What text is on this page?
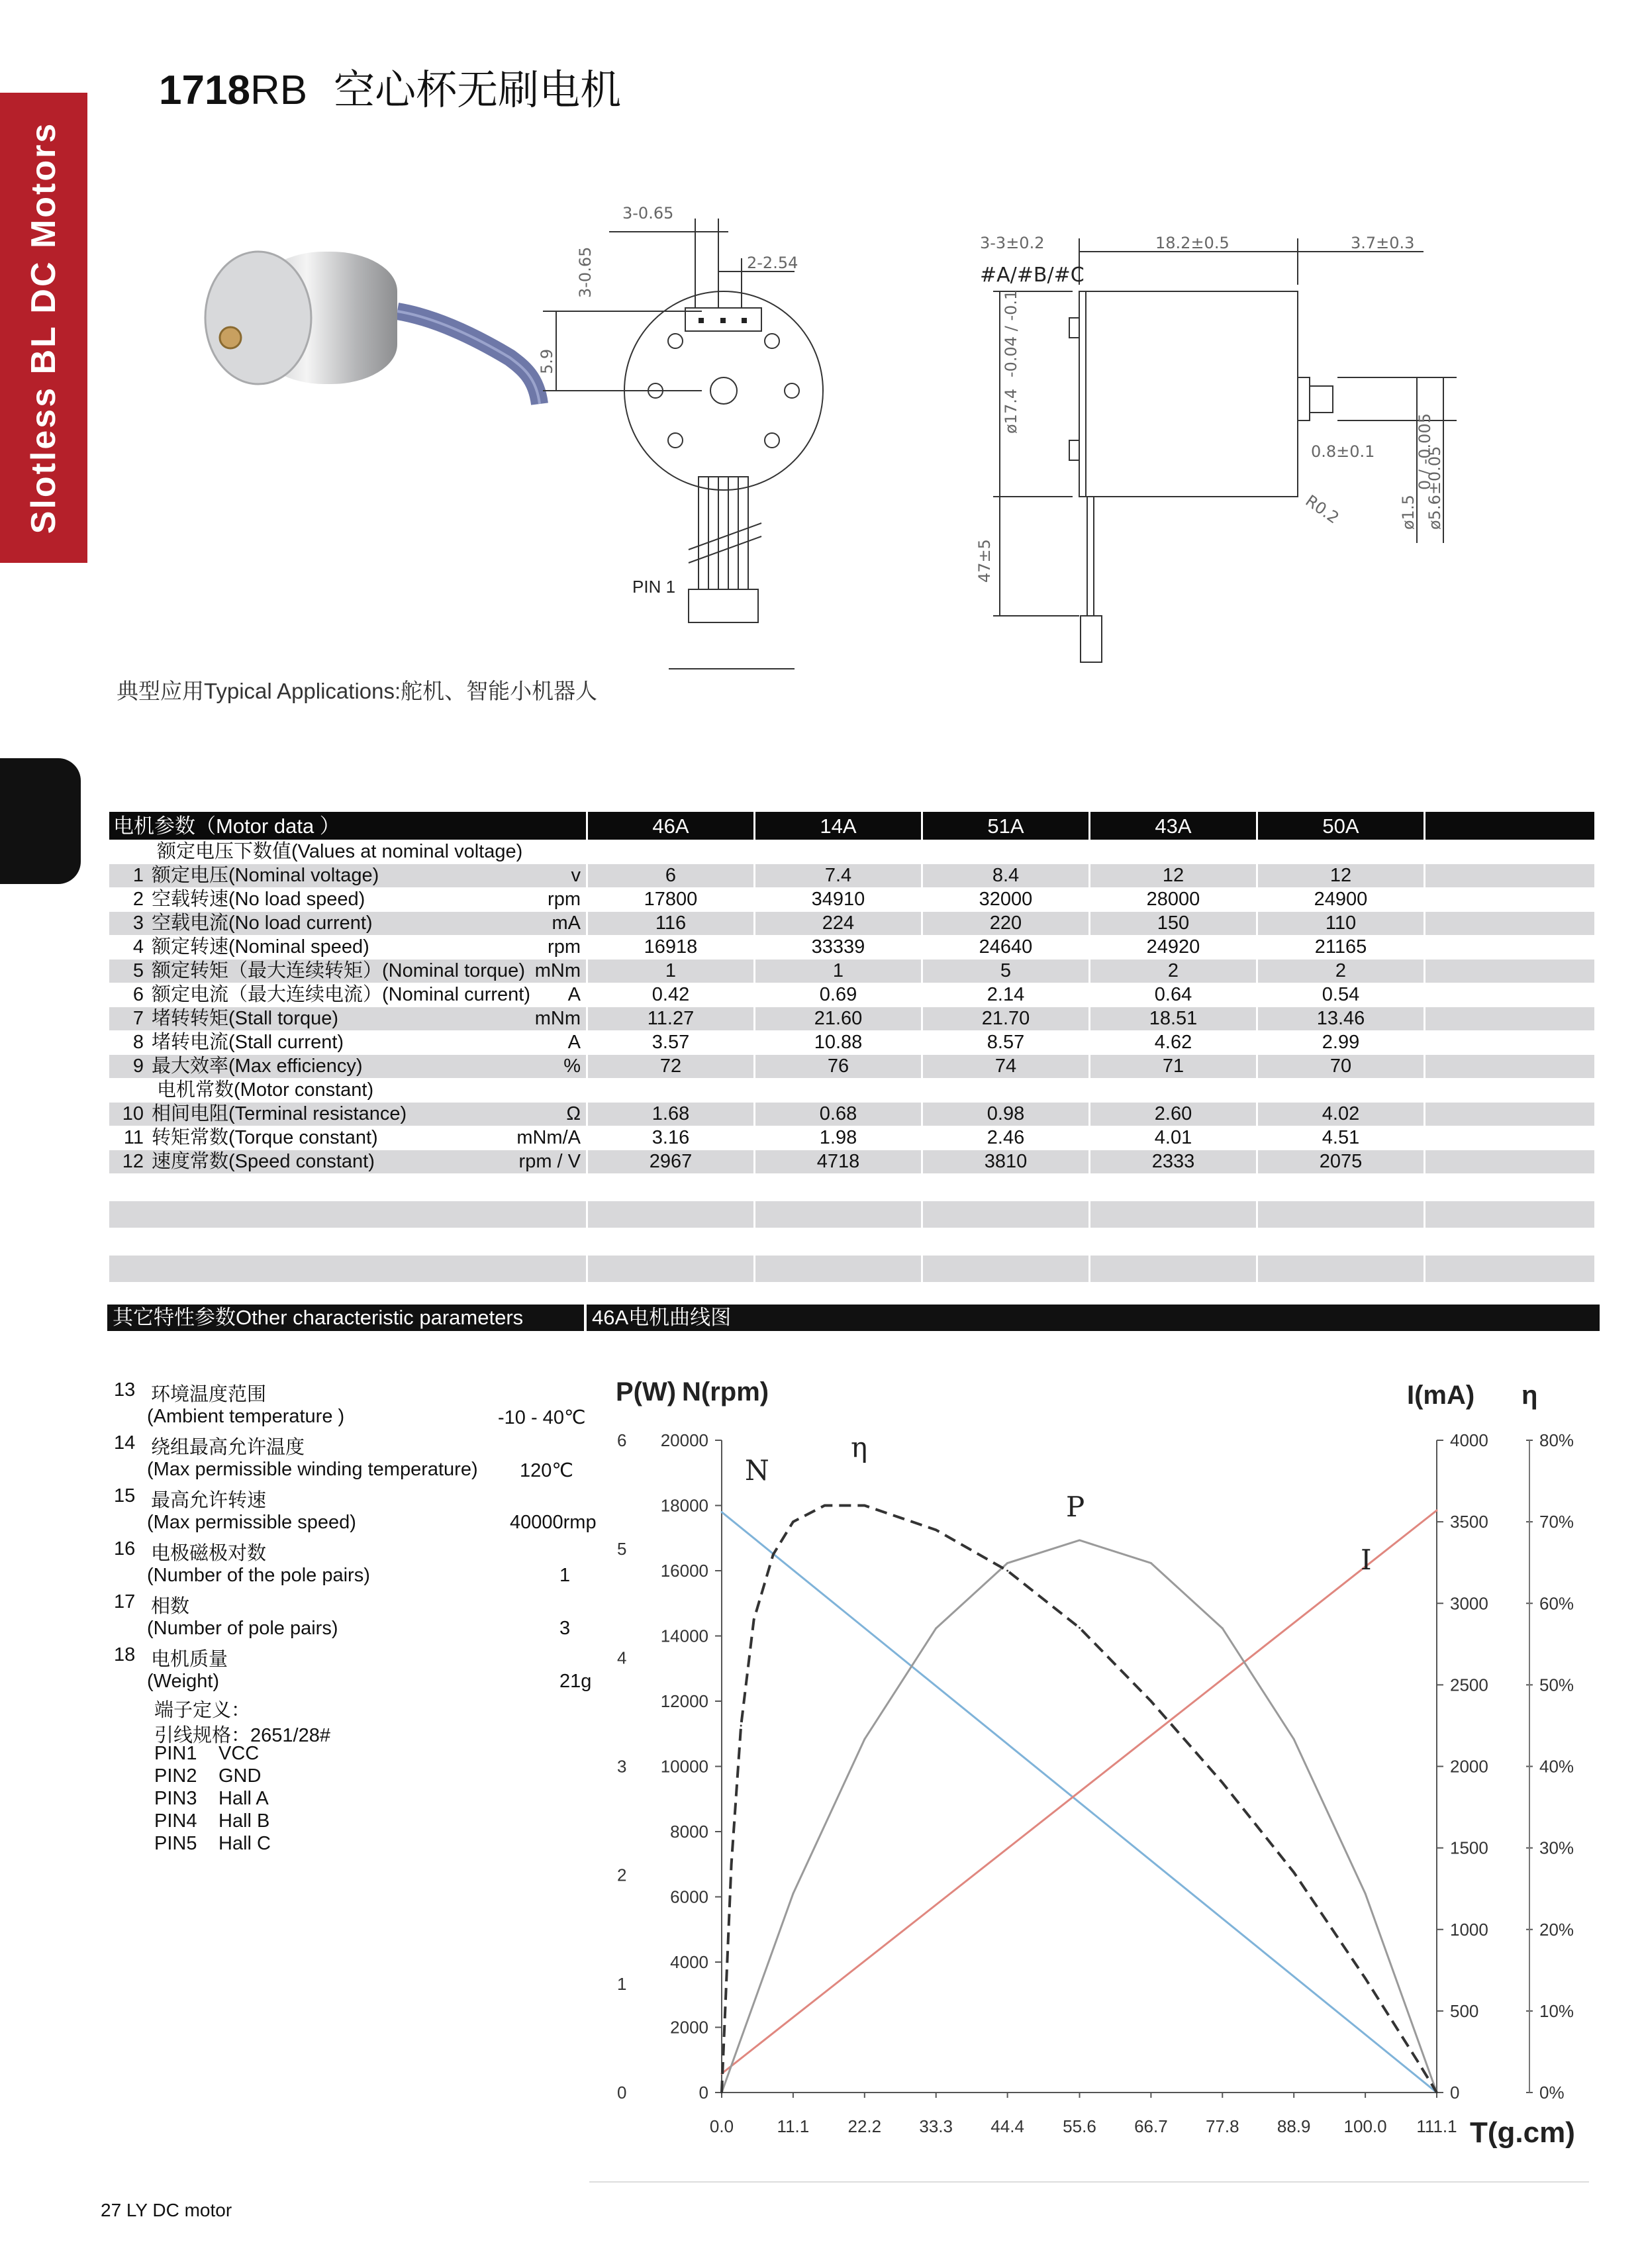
Slotless BL DC Motors
1718RB 空心杯无刷电机
3-0.65
3-0.65	2-2.54
5.9
PIN 1
3-3±0.2	18.2±0.5	3.7±0.3
#A/#B/#C
ø17.4
-0.04 / -0.1
47±5
0.8±0.1
R0.2	ø1.5
0 / -0.005
ø5.6±0.05
典型应用Typical Applications:舵机、智能小机器人
电机参数（Motor data ）	46A	14A	51A	43A	50A	
额定电压下数值(Values at nominal voltage)						
1 额定电压(Nominal voltage) v	6	7.4	8.4	12	12	
2 空载转速(No load speed) rpm	17800	34910	32000	28000	24900	
3 空载电流(No load current) mA	116	224	220	150	110	
4 额定转速(Nominal speed) rpm	16918	33339	24640	24920	21165	
5 额定转矩（最大连续转矩）(Nominal torque) mNm	1	1	5	2	2	
6 额定电流（最大连续电流）(Nominal current) A	0.42	0.69	2.14	0.64	0.54	
7 堵转转矩(Stall torque) mNm	11.27	21.60	21.70	18.51	13.46	
8 堵转电流(Stall current) A	3.57	10.88	8.57	4.62	2.99	
9 最大效率(Max efficiency) %	72	76	74	71	70	
电机常数(Motor constant)						
10 相间电阻(Terminal resistance) Ω	1.68	0.68	0.98	2.60	4.02	
11 转矩常数(Torque constant) mNm/A	3.16	1.98	2.46	4.01	4.51	
12 速度常数(Speed constant) rpm / V	2967	4718	3810	2333	2075	

其它特性参数Other characteristic parameters	46A电机曲线图
13 环境温度范围
(Ambient temperature )	-10 - 40℃
14 绕组最高允许温度
(Max permissible winding temperature) 120℃
15 最高允许转速
(Max permissible speed)	40000rmp
16 电极磁极对数
(Number of the pole pairs)	1
17 相数
(Number of pole pairs)	3
18 电机质量
(Weight)	21g
端子定义：
引线规格：2651/28#
PIN1 VCC
PIN2 GND
PIN3 Hall A
PIN4 Hall B
PIN5 Hall C
0
1
2
3
4
5
6
0
2000
4000
6000
8000
10000
12000
14000
16000
18000
20000
0
500
1000
1500
2000
2500
3000
3500
4000
0%
10%
20%
30%
40%
50%
60%
70%
80%
0.0	11.1 22.2 33.3 44.4 55.6 66.7 77.8 88.9 100.0 111.1
P(W) N(rpm)	I(mA) η
T(g.cm)
N
η
P
I
27 LY DC motor
